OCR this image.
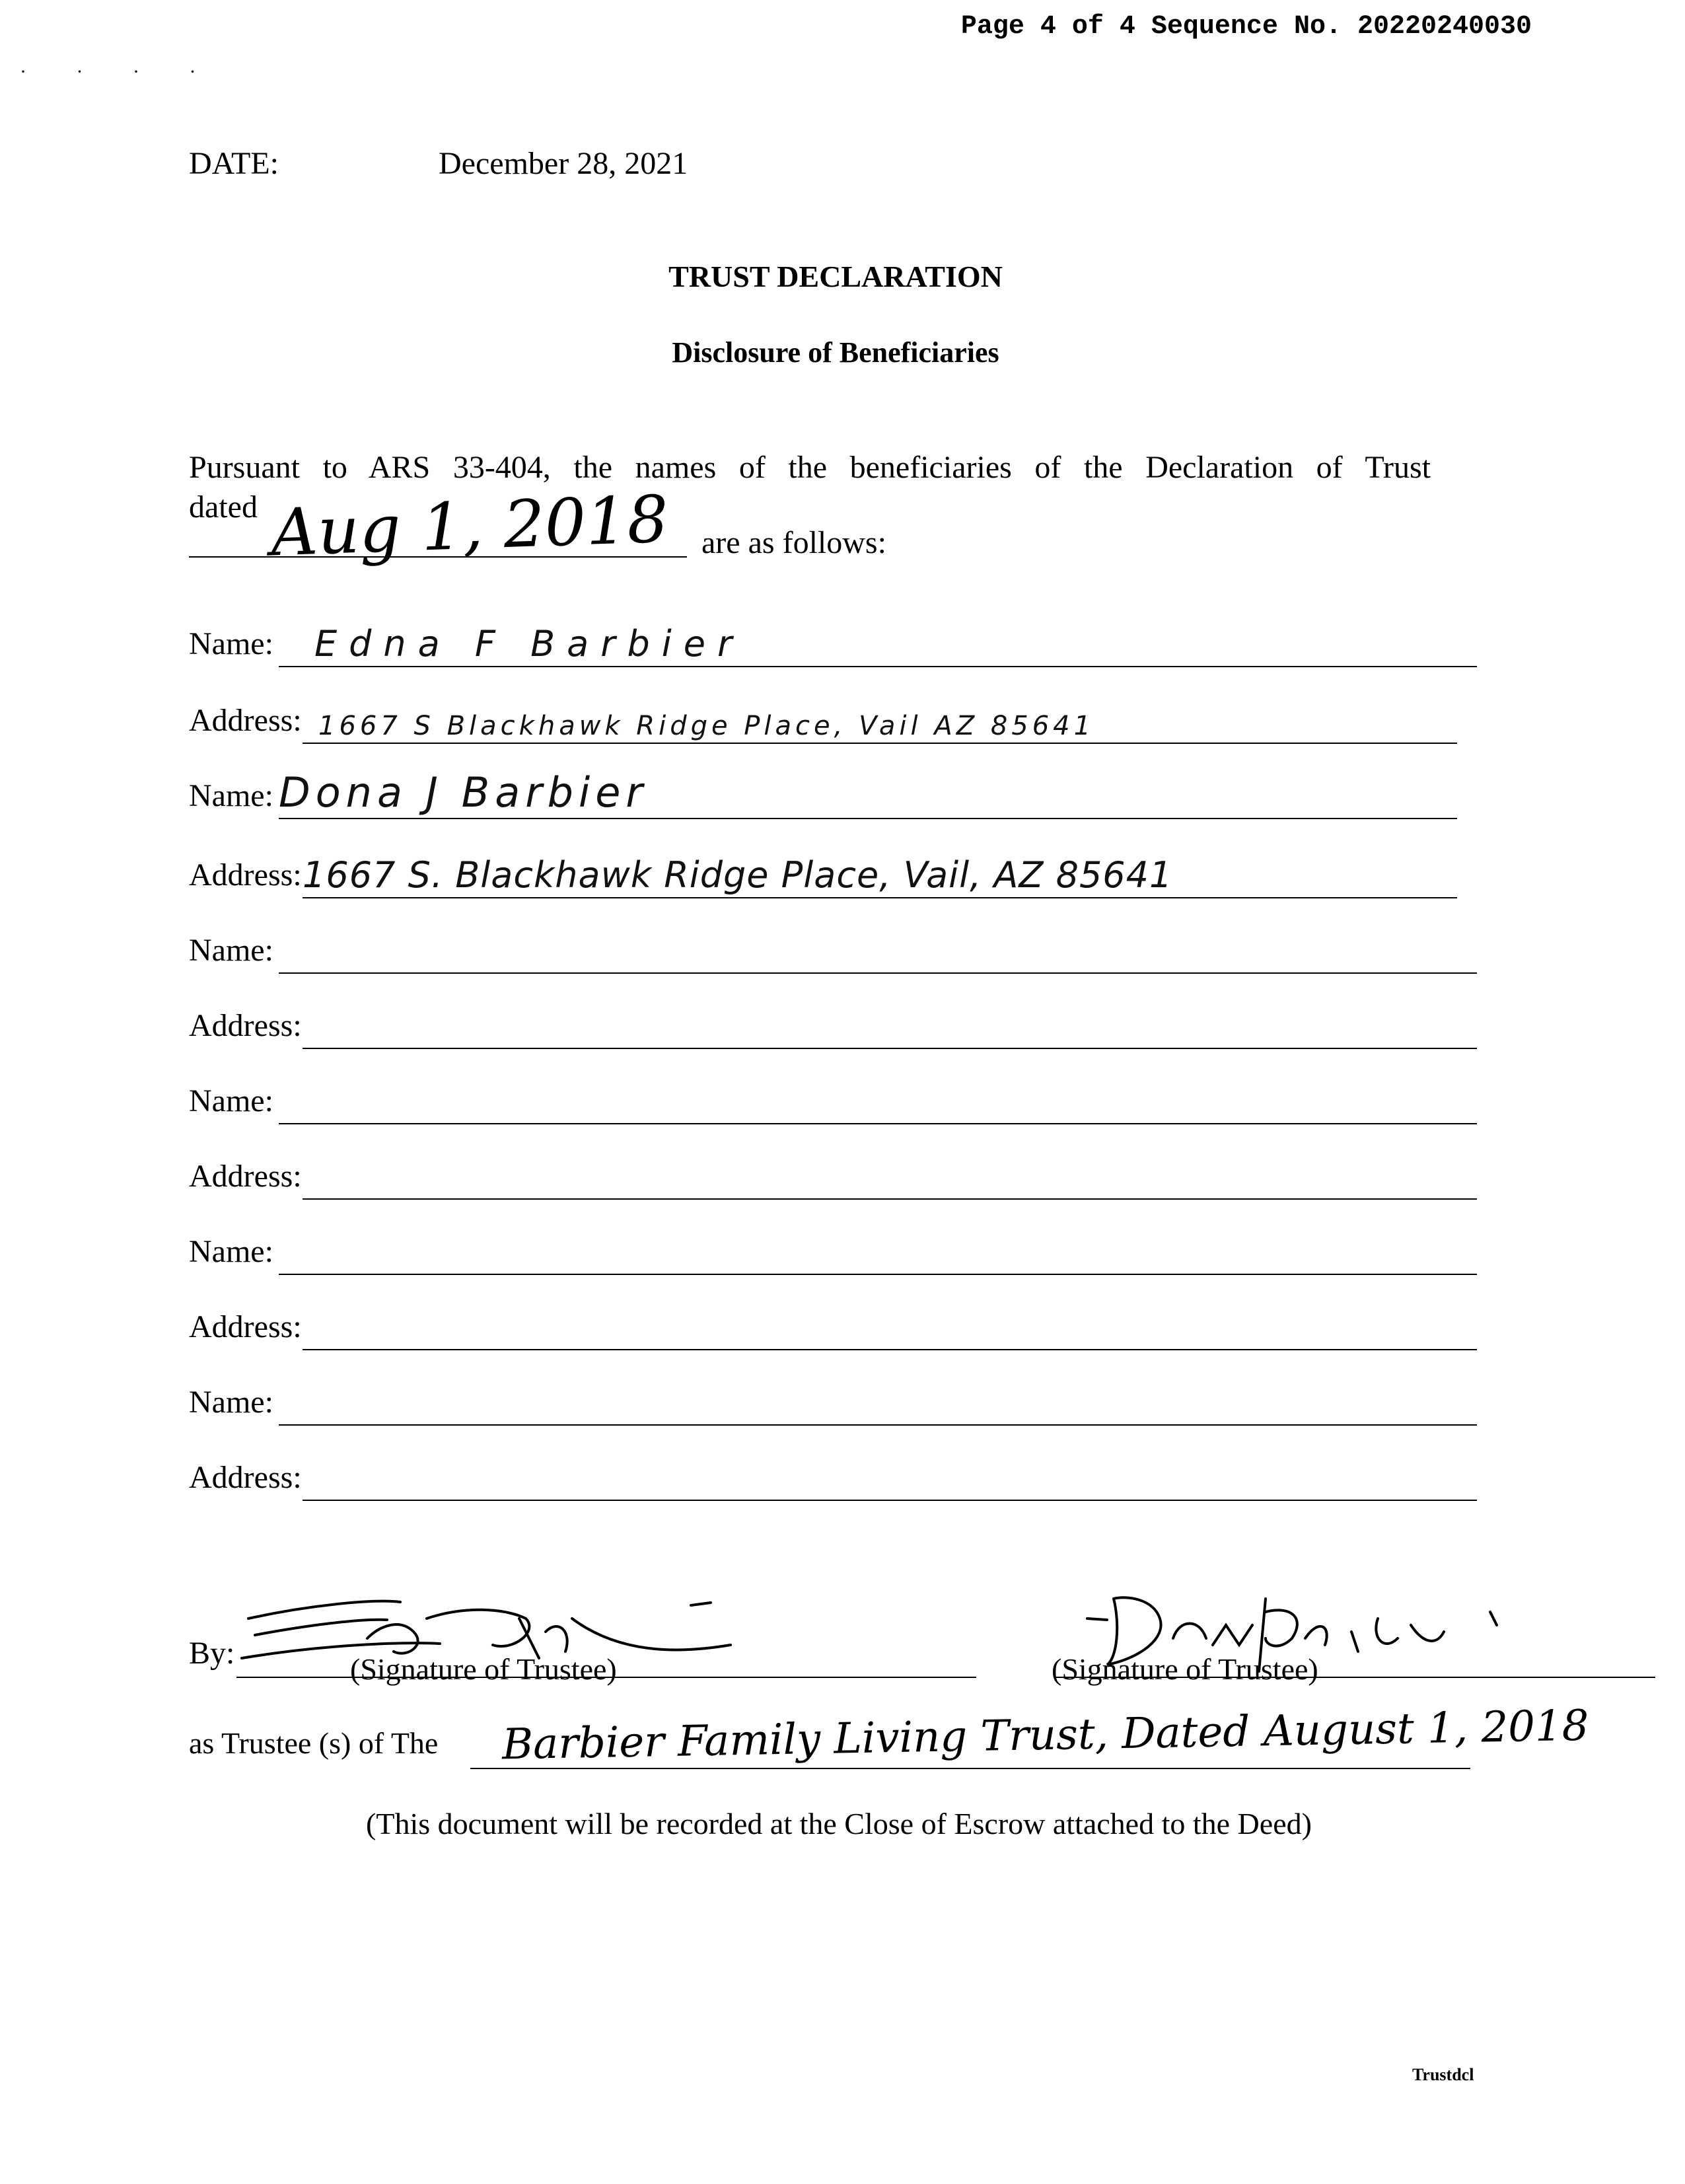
Page 4 of 4 Sequence No. 20220240030
· · · ·
DATE:	December 28, 2021
TRUST DECLARATION
Disclosure of Beneficiaries
Pursuant to ARS 33-404, the names of the beneficiaries of the Declaration of Trust
dated Aug 1, 2018 are as follows:
Name: Edna F Barbier
Address: 1667 S Blackhawk Ridge Place, Vail AZ 85641
Name: Dona J Barbier
Address: 1667 S. Blackhawk Ridge Place, Vail, AZ 85641
Name:
Address:
Name:
Address:
Name:
Address:
Name:
Address:
By:	(Signature of Trustee)	(Signature of Trustee)
as Trustee (s) of The Barbier Family Living Trust, Dated August 1, 2018
(This document will be recorded at the Close of Escrow attached to the Deed)
Trustdcl
